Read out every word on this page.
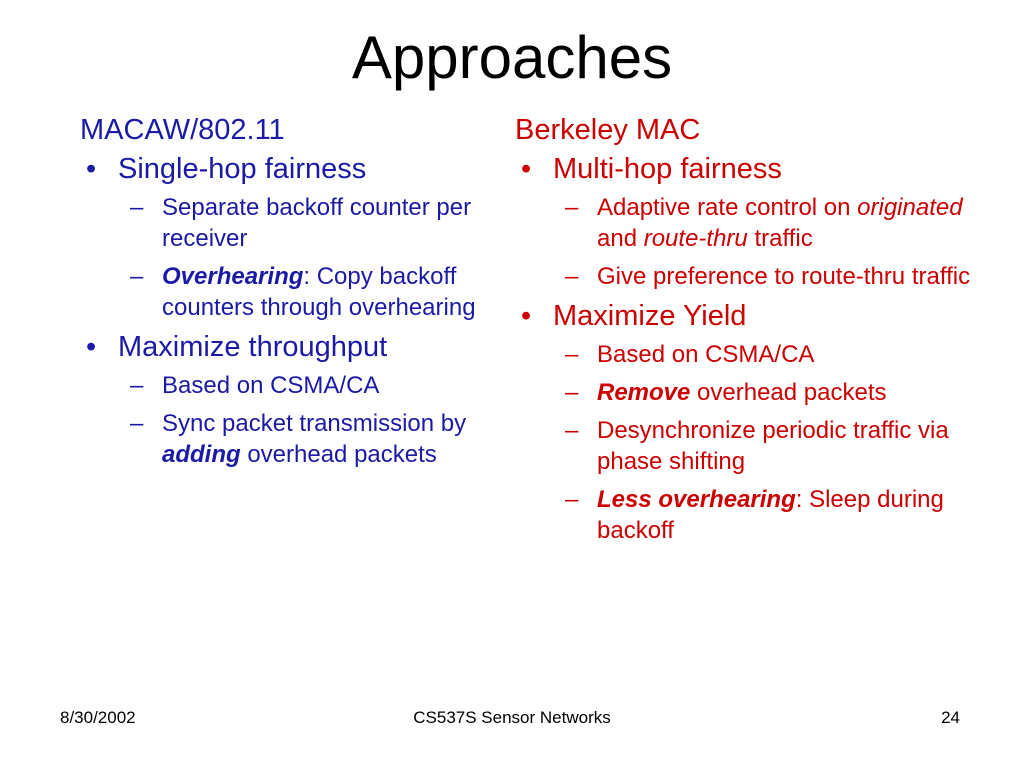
Approaches
MACAW/802.11
• Single-hop fairness
– Separate backoff counter per receiver
– Overhearing: Copy backoff counters through overhearing
• Maximize throughput
– Based on CSMA/CA
– Sync packet transmission by adding overhead packets
Berkeley MAC
• Multi-hop fairness
– Adaptive rate control on originated and route-thru traffic
– Give preference to route-thru traffic
• Maximize Yield
– Based on CSMA/CA
– Remove overhead packets
– Desynchronize periodic traffic via phase shifting
– Less overhearing: Sleep during backoff
8/30/2002	CS537S Sensor Networks	24
